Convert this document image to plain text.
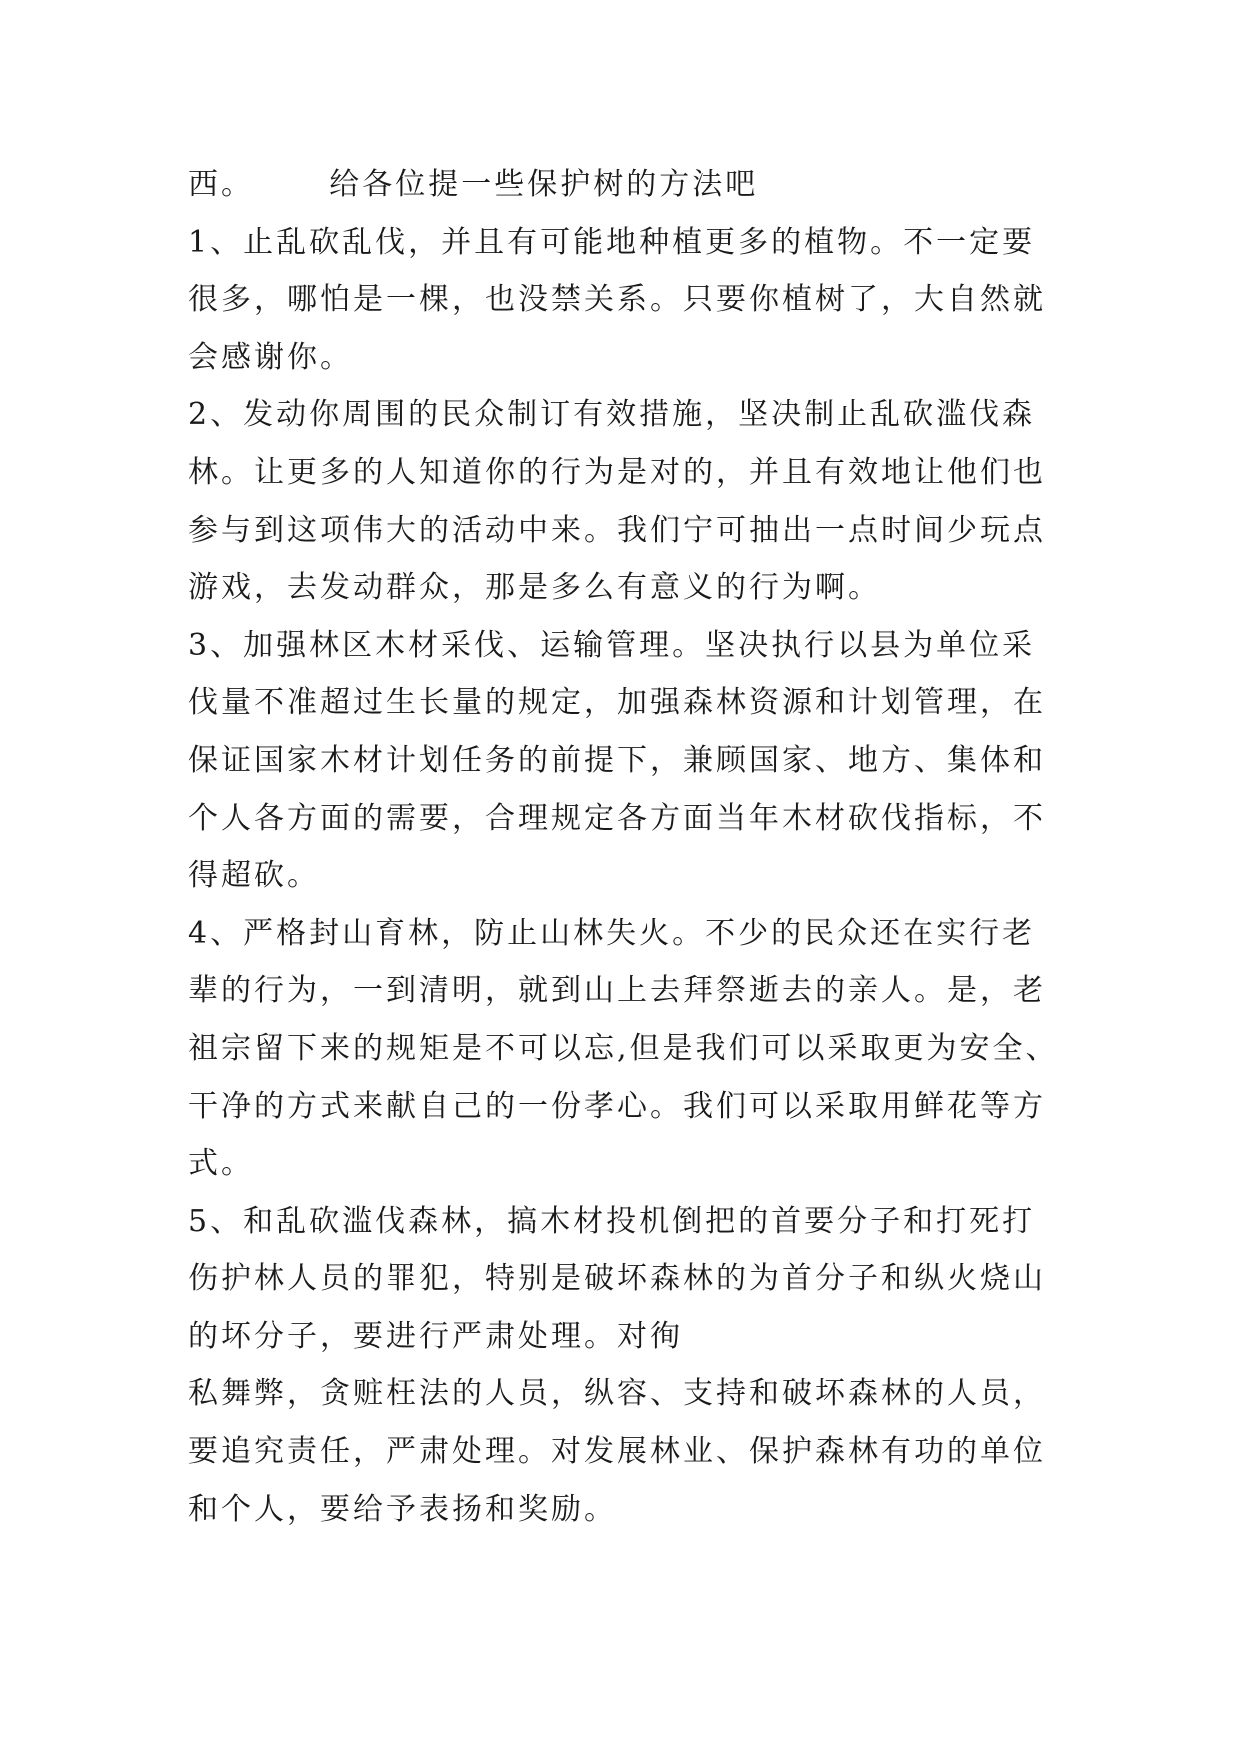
西。      给各位提一些保护树的方法吧
1、止乱砍乱伐，并且有可能地种植更多的植物。不一定要
很多，哪怕是一棵，也没禁关系。只要你植树了，大自然就
会感谢你。
2、发动你周围的民众制订有效措施，坚决制止乱砍滥伐森
林。让更多的人知道你的行为是对的，并且有效地让他们也
参与到这项伟大的活动中来。我们宁可抽出一点时间少玩点
游戏，去发动群众，那是多么有意义的行为啊。
3、加强林区木材采伐、运输管理。坚决执行以县为单位采
伐量不准超过生长量的规定，加强森林资源和计划管理，在
保证国家木材计划任务的前提下，兼顾国家、地方、集体和
个人各方面的需要，合理规定各方面当年木材砍伐指标，不
得超砍。
4、严格封山育林，防止山林失火。不少的民众还在实行老
辈的行为，一到清明，就到山上去拜祭逝去的亲人。是，老
祖宗留下来的规矩是不可以忘,但是我们可以采取更为安全、
干净的方式来献自己的一份孝心。我们可以采取用鲜花等方
式。
5、和乱砍滥伐森林，搞木材投机倒把的首要分子和打死打
伤护林人员的罪犯，特别是破坏森林的为首分子和纵火烧山
的坏分子，要进行严肃处理。对徇
私舞弊，贪赃枉法的人员，纵容、支持和破坏森林的人员，
要追究责任，严肃处理。对发展林业、保护森林有功的单位
和个人，要给予表扬和奖励。
